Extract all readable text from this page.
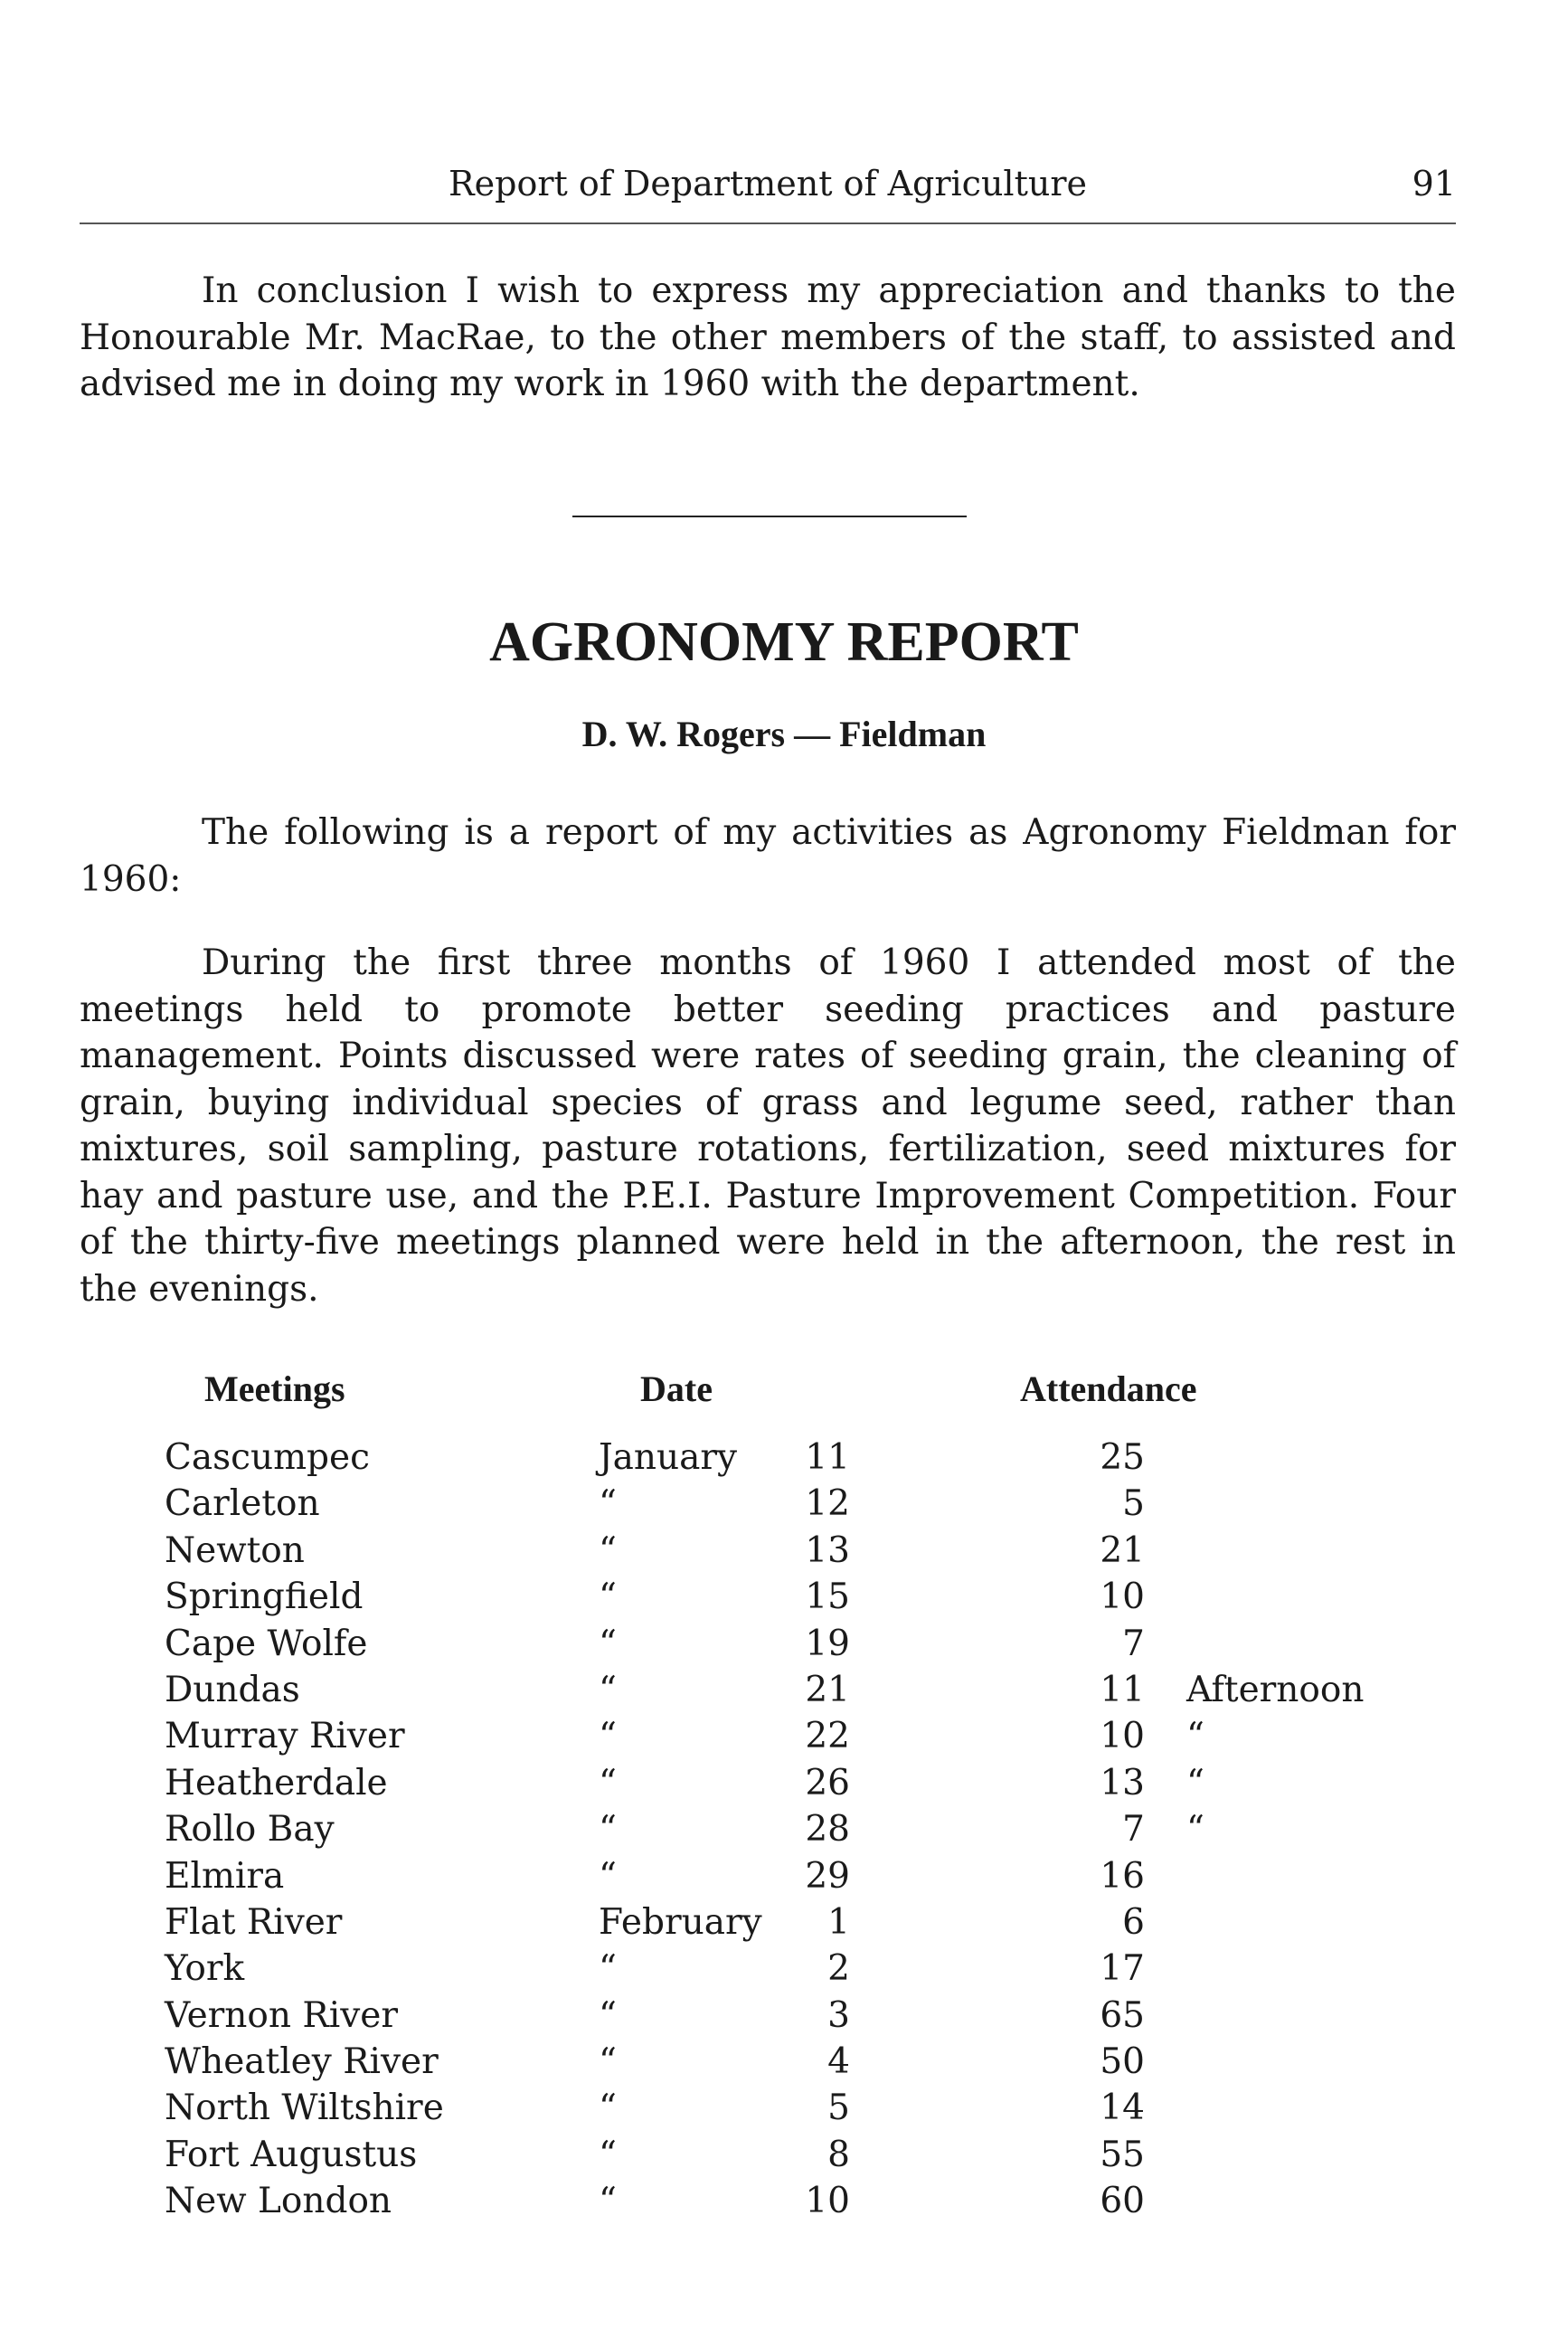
Report of Department of Agriculture	91

In conclusion I wish to express my appreciation and thanks to the Honourable Mr. MacRae, to the other members of the staff, to assisted and advised me in doing my work in 1960 with the department.

AGRONOMY REPORT
D. W. Rogers — Fieldman

The following is a report of my activities as Agronomy Fieldman for 1960:

During the first three months of 1960 I attended most of the meetings held to promote better seeding practices and pasture management. Points discussed were rates of seeding grain, the cleaning of grain, buying individual species of grass and legume seed, rather than mixtures, soil sampling, pasture rotations, fertilization, seed mixtures for hay and pasture use, and the P.E.I. Pasture Improvement Competition. Four of the thirty-five meetings planned were held in the afternoon, the rest in the evenings.

Meetings	Date	Attendance
Cascumpec	January	11	25
Carleton	“	12	5
Newton	“	13	21
Springfield	“	15	10
Cape Wolfe	“	19	7
Dundas	“	21	11 Afternoon
Murray River	“	22	10 “
Heatherdale	“	26	13 “
Rollo Bay	“	28	7 “
Elmira	“	29	16
Flat River	February	1	6
York	“	2	17
Vernon River	“	3	65
Wheatley River	“	4	50
North Wiltshire	“	5	14
Fort Augustus	“	8	55
New London	“	10	60
